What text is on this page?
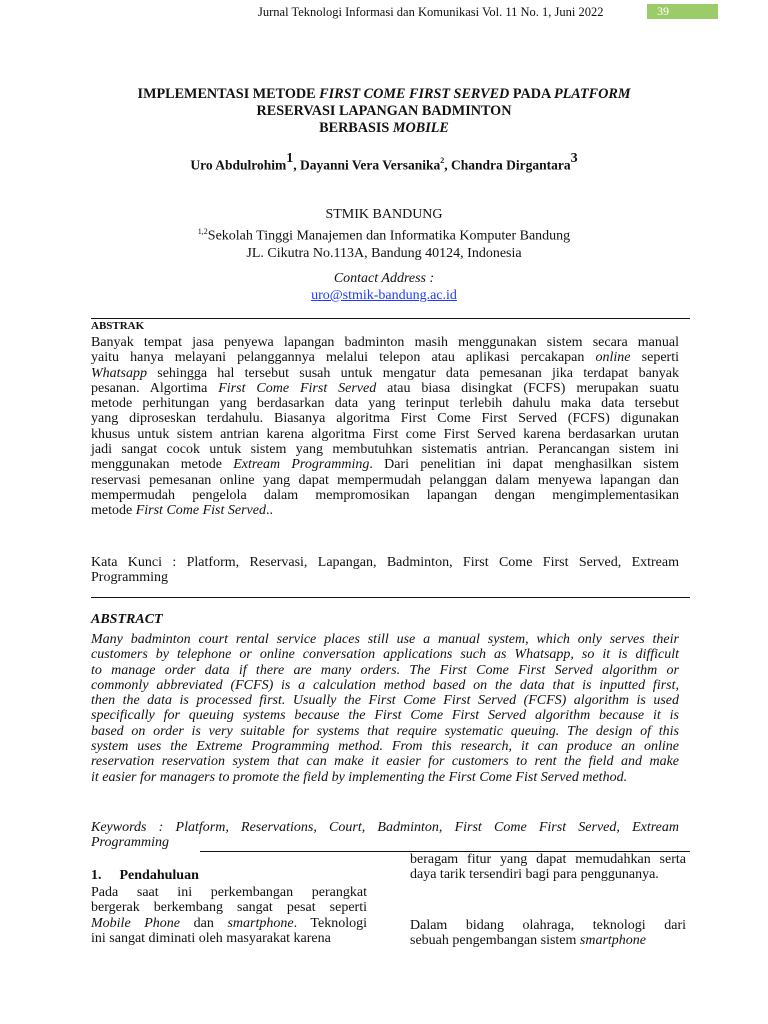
Jurnal Teknologi Informasi dan Komunikasi Vol. 11 No. 1, Juni 2022	39
IMPLEMENTASI METODE FIRST COME FIRST SERVED PADA PLATFORM
RESERVASI LAPANGAN BADMINTON
BERBASIS MOBILE
Uro Abdulrohim$^1$, Dayanni Vera Versanika$^2$, Chandra Dirgantara$^3$
STMIK BANDUNG
$^{1,2}$Sekolah Tinggi Manajemen dan Informatika Komputer Bandung
JL. Cikutra No.113A, Bandung 40124, Indonesia
Contact Address :
uro@stmik-bandung.ac.id
ABSTRAK
Banyak tempat jasa penyewa lapangan badminton masih menggunakan sistem secara manual
yaitu hanya melayani pelanggannya melalui telepon atau aplikasi percakapan online seperti
Whatsapp sehingga hal tersebut susah untuk mengatur data pemesanan jika terdapat banyak
pesanan. Algortima First Come First Served atau biasa disingkat (FCFS) merupakan suatu
metode perhitungan yang berdasarkan data yang terinput terlebih dahulu maka data tersebut
yang diproseskan terdahulu. Biasanya algoritma First Come First Served (FCFS) digunakan
khusus untuk sistem antrian karena algoritma First come First Served karena berdasarkan urutan
jadi sangat cocok untuk sistem yang membutuhkan sistematis antrian. Perancangan sistem ini
menggunakan metode Extream Programming. Dari penelitian ini dapat menghasilkan sistem
reservasi pemesanan online yang dapat mempermudah pelanggan dalam menyewa lapangan dan
mempermudah pengelola dalam mempromosikan lapangan dengan mengimplementasikan
metode First Come Fist Served..
Kata Kunci : Platform, Reservasi, Lapangan, Badminton, First Come First Served, Extream
Programming
ABSTRACT
Many badminton court rental service places still use a manual system, which only serves their
customers by telephone or online conversation applications such as Whatsapp, so it is difficult
to manage order data if there are many orders. The First Come First Served algorithm or
commonly abbreviated (FCFS) is a calculation method based on the data that is inputted first,
then the data is processed first. Usually the First Come First Served (FCFS) algorithm is used
specifically for queuing systems because the First Come First Served algorithm because it is
based on order is very suitable for systems that require systematic queuing. The design of this
system uses the Extreme Programming method. From this research, it can produce an online
reservation reservation system that can make it easier for customers to rent the field and make
it easier for managers to promote the field by implementing the First Come Fist Served method.
Keywords : Platform, Reservations, Court, Badminton, First Come First Served, Extream
Programming
1. Pendahuluan
Pada saat ini perkembangan perangkat
bergerak berkembang sangat pesat seperti
Mobile Phone dan smartphone. Teknologi
ini sangat diminati oleh masyarakat karena
beragam fitur yang dapat memudahkan serta
daya tarik tersendiri bagi para penggunanya.
Dalam bidang olahraga, teknologi dari
sebuah pengembangan sistem smartphone
